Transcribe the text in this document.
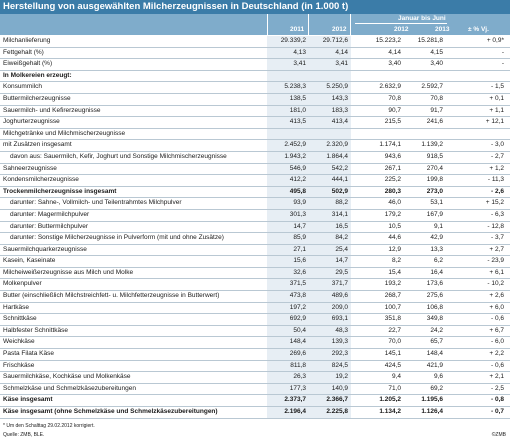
Herstellung von ausgewählten Milcherzeugnissen in Deutschland (in 1.000 t)
Januar bis Juni
2011	2012	2012	2013	± % Vj.
Milchanlieferung	29.339,2	29.712,6	15.223,2	15.281,8	+ 0,9*
Fettgehalt (%)	4,13	4,14	4,14	4,15	-
Eiweißgehalt (%)	3,41	3,41	3,40	3,40	-
In Molkereien erzeugt:					
Konsummilch	5.238,3	5.250,9	2.632,9	2.592,7	- 1,5
Buttermilcherzeugnisse	138,5	143,3	70,8	70,8	+ 0,1
Sauermilch- und Kefirerzeugnisse	181,0	183,3	90,7	91,7	+ 1,1
Joghurterzeugnisse	413,5	413,4	215,5	241,6	+ 12,1
Milchgetränke und Milchmischerzeugnisse					
mit Zusätzen insgesamt	2.452,9	2.320,9	1.174,1	1.139,2	- 3,0
davon aus: Sauermilch, Kefir, Joghurt und Sonstige Milchmischerzeugnisse	1.943,2	1.864,4	943,6	918,5	- 2,7
Sahneerzeugnisse	546,9	542,2	267,1	270,4	+ 1,2
Kondensmilcherzeugnisse	412,2	444,1	225,2	199,8	- 11,3
Trockenmilcherzeugnisse insgesamt	495,8	502,9	280,3	273,0	- 2,6
darunter: Sahne-, Vollmilch- und Teilentrahmtes Milchpulver	93,9	88,2	46,0	53,1	+ 15,2
darunter: Magermilchpulver	301,3	314,1	179,2	167,9	- 6,3
darunter: Buttermilchpulver	14,7	16,5	10,5	9,1	- 12,8
darunter: Sonstige Milcherzeugnisse in Pulverform (mit und ohne Zusätze)	85,9	84,2	44,6	42,9	- 3,7
Sauermilchquarkerzeugnisse	27,1	25,4	12,9	13,3	+ 2,7
Kasein, Kaseinate	15,6	14,7	8,2	6,2	- 23,9
Milcheiweißerzeugnisse aus Milch und Molke	32,6	29,5	15,4	16,4	+ 6,1
Molkenpulver	371,5	371,7	193,2	173,6	- 10,2
Butter (einschließlich Milchstreichfett- u. Milchfetterzeugnisse in Butterwert)	473,8	489,6	268,7	275,6	+ 2,6
Hartkäse	197,2	209,0	100,7	106,8	+ 6,0
Schnittkäse	692,9	693,1	351,8	349,8	- 0,6
Halbfester Schnittkäse	50,4	48,3	22,7	24,2	+ 6,7
Weichkäse	148,4	139,3	70,0	65,7	- 6,0
Pasta Filata Käse	269,6	292,3	145,1	148,4	+ 2,2
Frischkäse	811,8	824,5	424,5	421,9	- 0,6
Sauermilchkäse, Kochkäse und Molkenkäse	26,3	19,2	9,4	9,6	+ 2,1
Schmelzkäse und Schmelzkäsezubereitungen	177,3	140,9	71,0	69,2	- 2,5
Käse insgesamt	2.373,7	2.366,7	1.205,2	1.195,6	- 0,8
Käse insgesamt (ohne Schmelzkäse und Schmelzkäsezubereitungen)	2.196,4	2.225,8	1.134,2	1.126,4	- 0,7
* Um den Schalttag 29.02.2012 korrigiert.
Quelle: ZMB, BLE.	©ZMB
